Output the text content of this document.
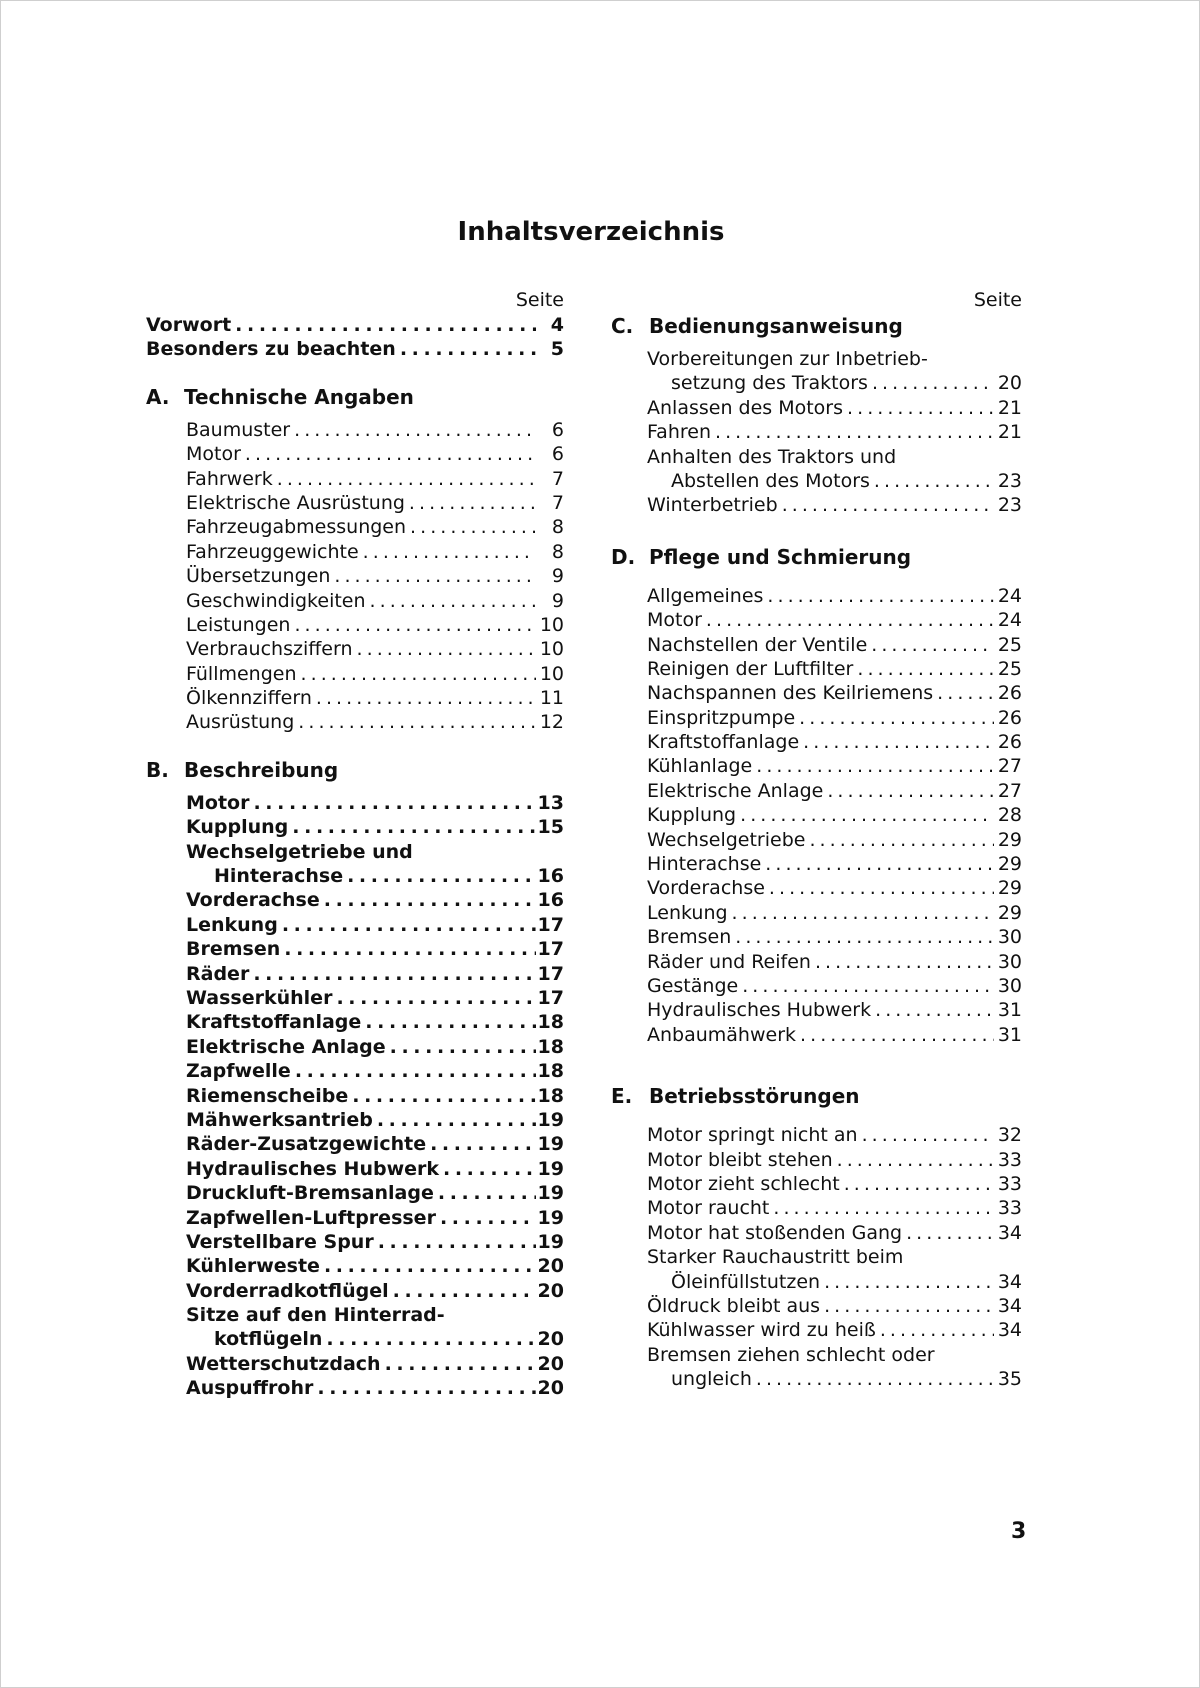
Inhaltsverzeichnis
Seite
Vorwort . . .	4
Besonders zu beachten . . .	5
A. Technische Angaben
Baumuster . . .	6
Motor . . .	6
Fahrwerk . . .	7
Elektrische Ausrüstung . . .	7
Fahrzeugabmessungen . . .	8
Fahrzeuggewichte . . .	8
Übersetzungen . . .	9
Geschwindigkeiten . . .	9
Leistungen . . .	10
Verbrauchsziffern . . .	10
Füllmengen . . .	10
Ölkennziffern . . .	11
Ausrüstung . . .	12
B. Beschreibung
Motor . . .	13
Kupplung . . .	15
Wechselgetriebe und
Hinterachse . . .	16
Vorderachse . . .	16
Lenkung . . .	17
Bremsen . . .	17
Räder . . .	17
Wasserkühler . . .	17
Kraftstoffanlage . . .	18
Elektrische Anlage . . .	18
Zapfwelle . . .	18
Riemenscheibe . . .	18
Mähwerksantrieb . . .	19
Räder-Zusatzgewichte . . .	19
Hydraulisches Hubwerk . . .	19
Druckluft-Bremsanlage . . .	19
Zapfwellen-Luftpresser . . .	19
Verstellbare Spur . . .	19
Kühlerweste . . .	20
Vorderradkotflügel . . .	20
Sitze auf den Hinterrad-
kotflügeln . . .	20
Wetterschutzdach . . .	20
Auspuffrohr . . .	20
Seite
C. Bedienungsanweisung
Vorbereitungen zur Inbetrieb-
setzung des Traktors . . .	20
Anlassen des Motors . . .	21
Fahren . . .	21
Anhalten des Traktors und
Abstellen des Motors . . .	23
Winterbetrieb . . .	23
D. Pflege und Schmierung
Allgemeines . . .	24
Motor . . .	24
Nachstellen der Ventile . . .	25
Reinigen der Luftfilter . . .	25
Nachspannen des Keilriemens . . .	26
Einspritzpumpe . . .	26
Kraftstoffanlage . . .	26
Kühlanlage . . .	27
Elektrische Anlage . . .	27
Kupplung . . .	28
Wechselgetriebe . . .	29
Hinterachse . . .	29
Vorderachse . . .	29
Lenkung . . .	29
Bremsen . . .	30
Räder und Reifen . . .	30
Gestänge . . .	30
Hydraulisches Hubwerk . . .	31
Anbaumähwerk . . .	31
E. Betriebsstörungen
Motor springt nicht an . . .	32
Motor bleibt stehen . . .	33
Motor zieht schlecht . . .	33
Motor raucht . . .	33
Motor hat stoßenden Gang . . .	34
Starker Rauchaustritt beim
Öleinfüllstutzen . . .	34
Öldruck bleibt aus . . .	34
Kühlwasser wird zu heiß . . .	34
Bremsen ziehen schlecht oder
ungleich . . .	35
3
